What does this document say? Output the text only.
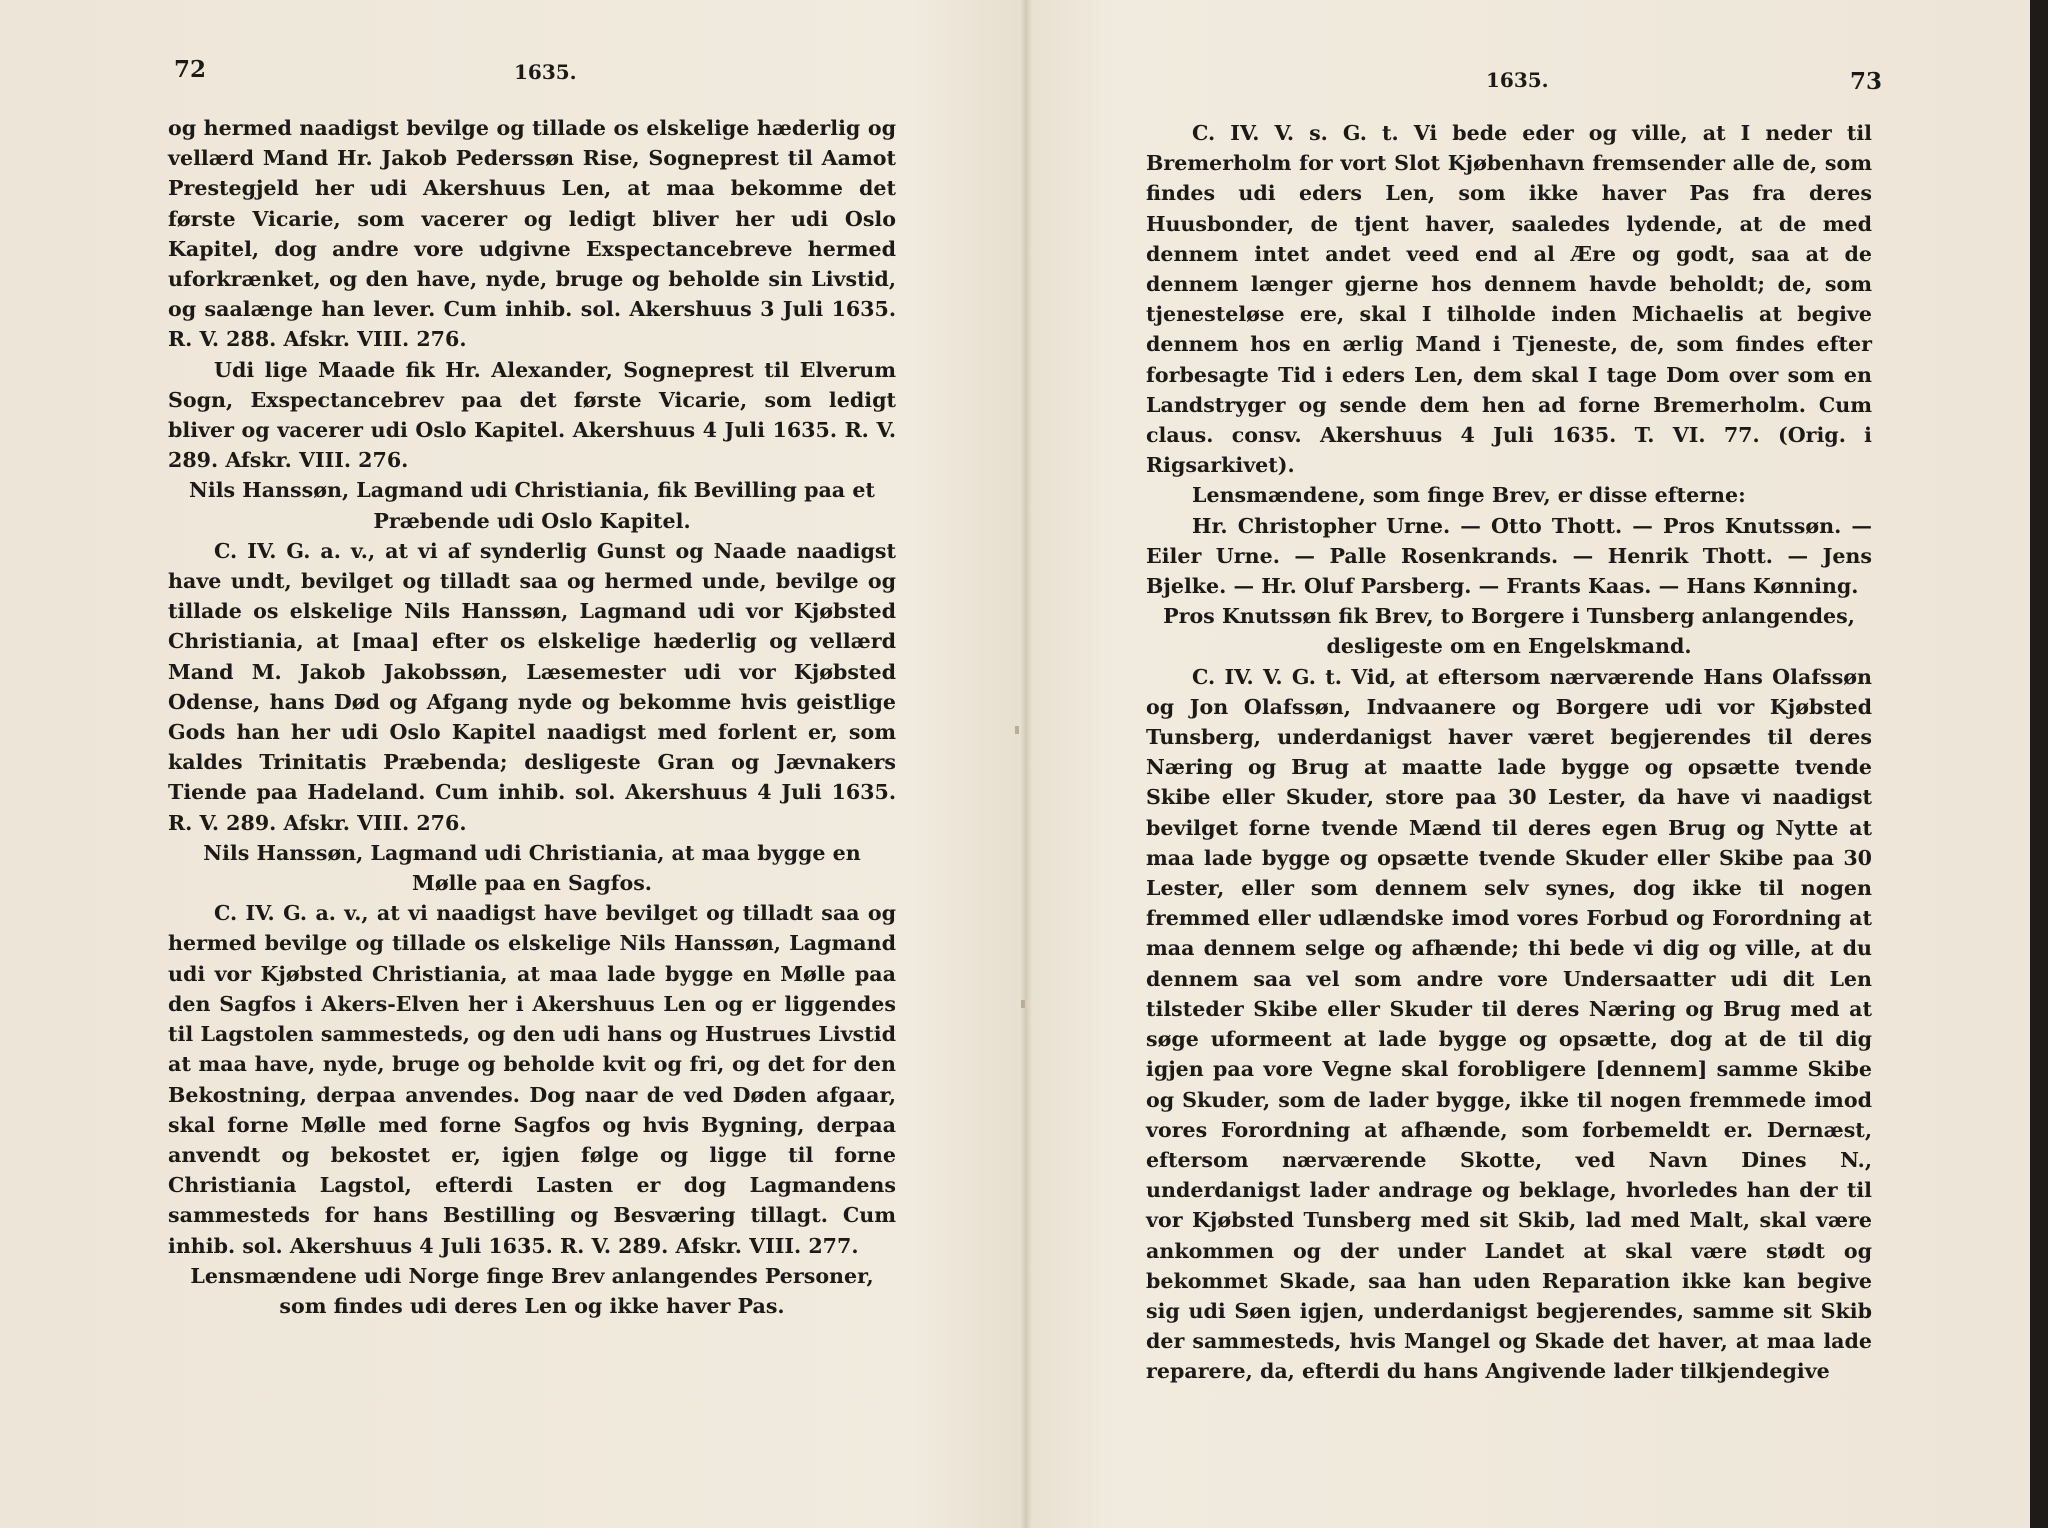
72	1635.

og hermed naadigst bevilge og tillade os elskelige hæderlig og vellærd Mand Hr. Jakob Pederssøn Rise, Sogneprest til Aamot Prestegjeld her udi Akershuus Len, at maa bekomme det første Vicarie, som vacerer og ledigt bliver her udi Oslo Kapitel, dog andre vore udgivne Exspectancebreve hermed uforkrænket, og den have, nyde, bruge og beholde sin Livstid, og saalænge han lever. Cum inhib. sol. Akershuus 3 Juli 1635. R. V. 288. Afskr. VIII. 276.

Udi lige Maade fik Hr. Alexander, Sogneprest til Elverum Sogn, Exspectancebrev paa det første Vicarie, som ledigt bliver og vacerer udi Oslo Kapitel. Akershuus 4 Juli 1635. R. V. 289. Afskr. VIII. 276.

Nils Hanssøn, Lagmand udi Christiania, fik Bevilling paa et Præbende udi Oslo Kapitel.

C. IV. G. a. v., at vi af synderlig Gunst og Naade naadigst have undt, bevilget og tilladt saa og hermed unde, bevilge og tillade os elskelige Nils Hanssøn, Lagmand udi vor Kjøbsted Christiania, at [maa] efter os elskelige hæderlig og vellærd Mand M. Jakob Jakobssøn, Læsemester udi vor Kjøbsted Odense, hans Død og Afgang nyde og bekomme hvis geistlige Gods han her udi Oslo Kapitel naadigst med forlent er, som kaldes Trinitatis Præbenda; desligeste Gran og Jævnakers Tiende paa Hadeland. Cum inhib. sol. Akershuus 4 Juli 1635. R. V. 289. Afskr. VIII. 276.

Nils Hanssøn, Lagmand udi Christiania, at maa bygge en Mølle paa en Sagfos.

C. IV. G. a. v., at vi naadigst have bevilget og tilladt saa og hermed bevilge og tillade os elskelige Nils Hanssøn, Lagmand udi vor Kjøbsted Christiania, at maa lade bygge en Mølle paa den Sagfos i Akers-Elven her i Akershuus Len og er liggendes til Lagstolen sammesteds, og den udi hans og Hustrues Livstid at maa have, nyde, bruge og beholde kvit og fri, og det for den Bekostning, derpaa anvendes. Dog naar de ved Døden afgaar, skal forne Mølle med forne Sagfos og hvis Bygning, derpaa anvendt og bekostet er, igjen følge og ligge til forne Christiania Lagstol, efterdi Lasten er dog Lagmandens sammesteds for hans Bestilling og Besværing tillagt. Cum inhib. sol. Akershuus 4 Juli 1635. R. V. 289. Afskr. VIII. 277.

Lensmændene udi Norge finge Brev anlangendes Personer, som findes udi deres Len og ikke haver Pas.

1635.	73

C. IV. V. s. G. t. Vi bede eder og ville, at I neder til Bremerholm for vort Slot Kjøbenhavn fremsender alle de, som findes udi eders Len, som ikke haver Pas fra deres Huusbonder, de tjent haver, saaledes lydende, at de med dennem intet andet veed end al Ære og godt, saa at de dennem længer gjerne hos dennem havde beholdt; de, som tjenesteløse ere, skal I tilholde inden Michaelis at begive dennem hos en ærlig Mand i Tjeneste, de, som findes efter forbesagte Tid i eders Len, dem skal I tage Dom over som en Landstryger og sende dem hen ad forne Bremerholm. Cum claus. consv. Akershuus 4 Juli 1635. T. VI. 77. (Orig. i Rigsarkivet).

Lensmændene, som finge Brev, er disse efterne:

Hr. Christopher Urne. — Otto Thott. — Pros Knutssøn. — Eiler Urne. — Palle Rosenkrands. — Henrik Thott. — Jens Bjelke. — Hr. Oluf Parsberg. — Frants Kaas. — Hans Kønning.

Pros Knutssøn fik Brev, to Borgere i Tunsberg anlangendes, desligeste om en Engelskmand.

C. IV. V. G. t. Vid, at eftersom nærværende Hans Olafssøn og Jon Olafssøn, Indvaanere og Borgere udi vor Kjøbsted Tunsberg, underdanigst haver været begjerendes til deres Næring og Brug at maatte lade bygge og opsætte tvende Skibe eller Skuder, store paa 30 Lester, da have vi naadigst bevilget forne tvende Mænd til deres egen Brug og Nytte at maa lade bygge og opsætte tvende Skuder eller Skibe paa 30 Lester, eller som dennem selv synes, dog ikke til nogen fremmed eller udlændske imod vores Forbud og Forordning at maa dennem selge og afhænde; thi bede vi dig og ville, at du dennem saa vel som andre vore Undersaatter udi dit Len tilsteder Skibe eller Skuder til deres Næring og Brug med at søge uformeent at lade bygge og opsætte, dog at de til dig igjen paa vore Vegne skal forobligere [dennem] samme Skibe og Skuder, som de lader bygge, ikke til nogen fremmede imod vores Forordning at afhænde, som forbemeldt er. Dernæst, eftersom nærværende Skotte, ved Navn Dines N., underdanigst lader andrage og beklage, hvorledes han der til vor Kjøbsted Tunsberg med sit Skib, lad med Malt, skal være ankommen og der under Landet at skal være stødt og bekommet Skade, saa han uden Reparation ikke kan begive sig udi Søen igjen, underdanigst begjerendes, samme sit Skib der sammesteds, hvis Mangel og Skade det haver, at maa lade reparere, da, efterdi du hans Angivende lader tilkjendegive
